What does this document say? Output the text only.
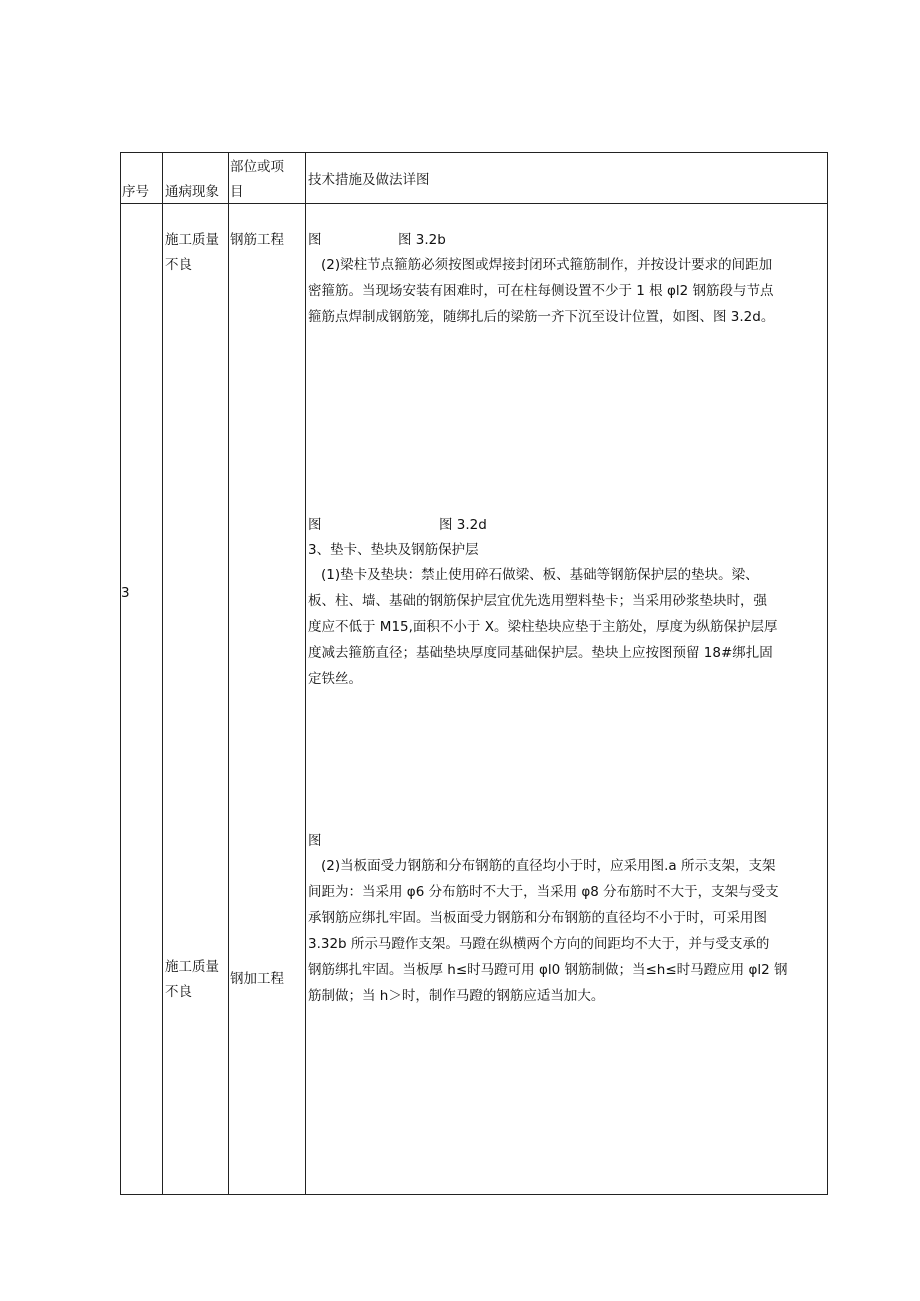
序号 通病现象
部位或项
目
技术措施及做法详图
3
施工质量
不良
钢筋工程
施工质量
不良
钢加工程
图	图 3.2b
(2)梁柱节点箍筋必须按图或焊接封闭环式箍筋制作，并按设计要求的间距加
密箍筋。当现场安装有困难时，可在柱每侧设置不少于 1 根 φl2 钢筋段与节点
箍筋点焊制成钢筋笼，随绑扎后的梁筋一齐下沉至设计位置，如图、图 3.2d。
图	图 3.2d
3、垫卡、垫块及钢筋保护层
(1)垫卡及垫块：禁止使用碎石做梁、板、基础等钢筋保护层的垫块。梁、
板、柱、墙、基础的钢筋保护层宜优先选用塑料垫卡；当采用砂浆垫块时，强
度应不低于 M15,面积不小于 X。梁柱垫块应垫于主筋处，厚度为纵筋保护层厚
度减去箍筋直径；基础垫块厚度同基础保护层。垫块上应按图预留 18#绑扎固
定铁丝。
图
(2)当板面受力钢筋和分布钢筋的直径均小于时，应采用图.a 所示支架，支架
间距为：当采用 φ6 分布筋时不大于，当采用 φ8 分布筋时不大于，支架与受支
承钢筋应绑扎牢固。当板面受力钢筋和分布钢筋的直径均不小于时，可采用图
3.32b 所示马蹬作支架。马蹬在纵横两个方向的间距均不大于，并与受支承的
钢筋绑扎牢固。当板厚 h≤时马蹬可用 φl0 钢筋制做；当≤h≤时马蹬应用 φl2 钢
筋制做；当 h＞时，制作马蹬的钢筋应适当加大。
